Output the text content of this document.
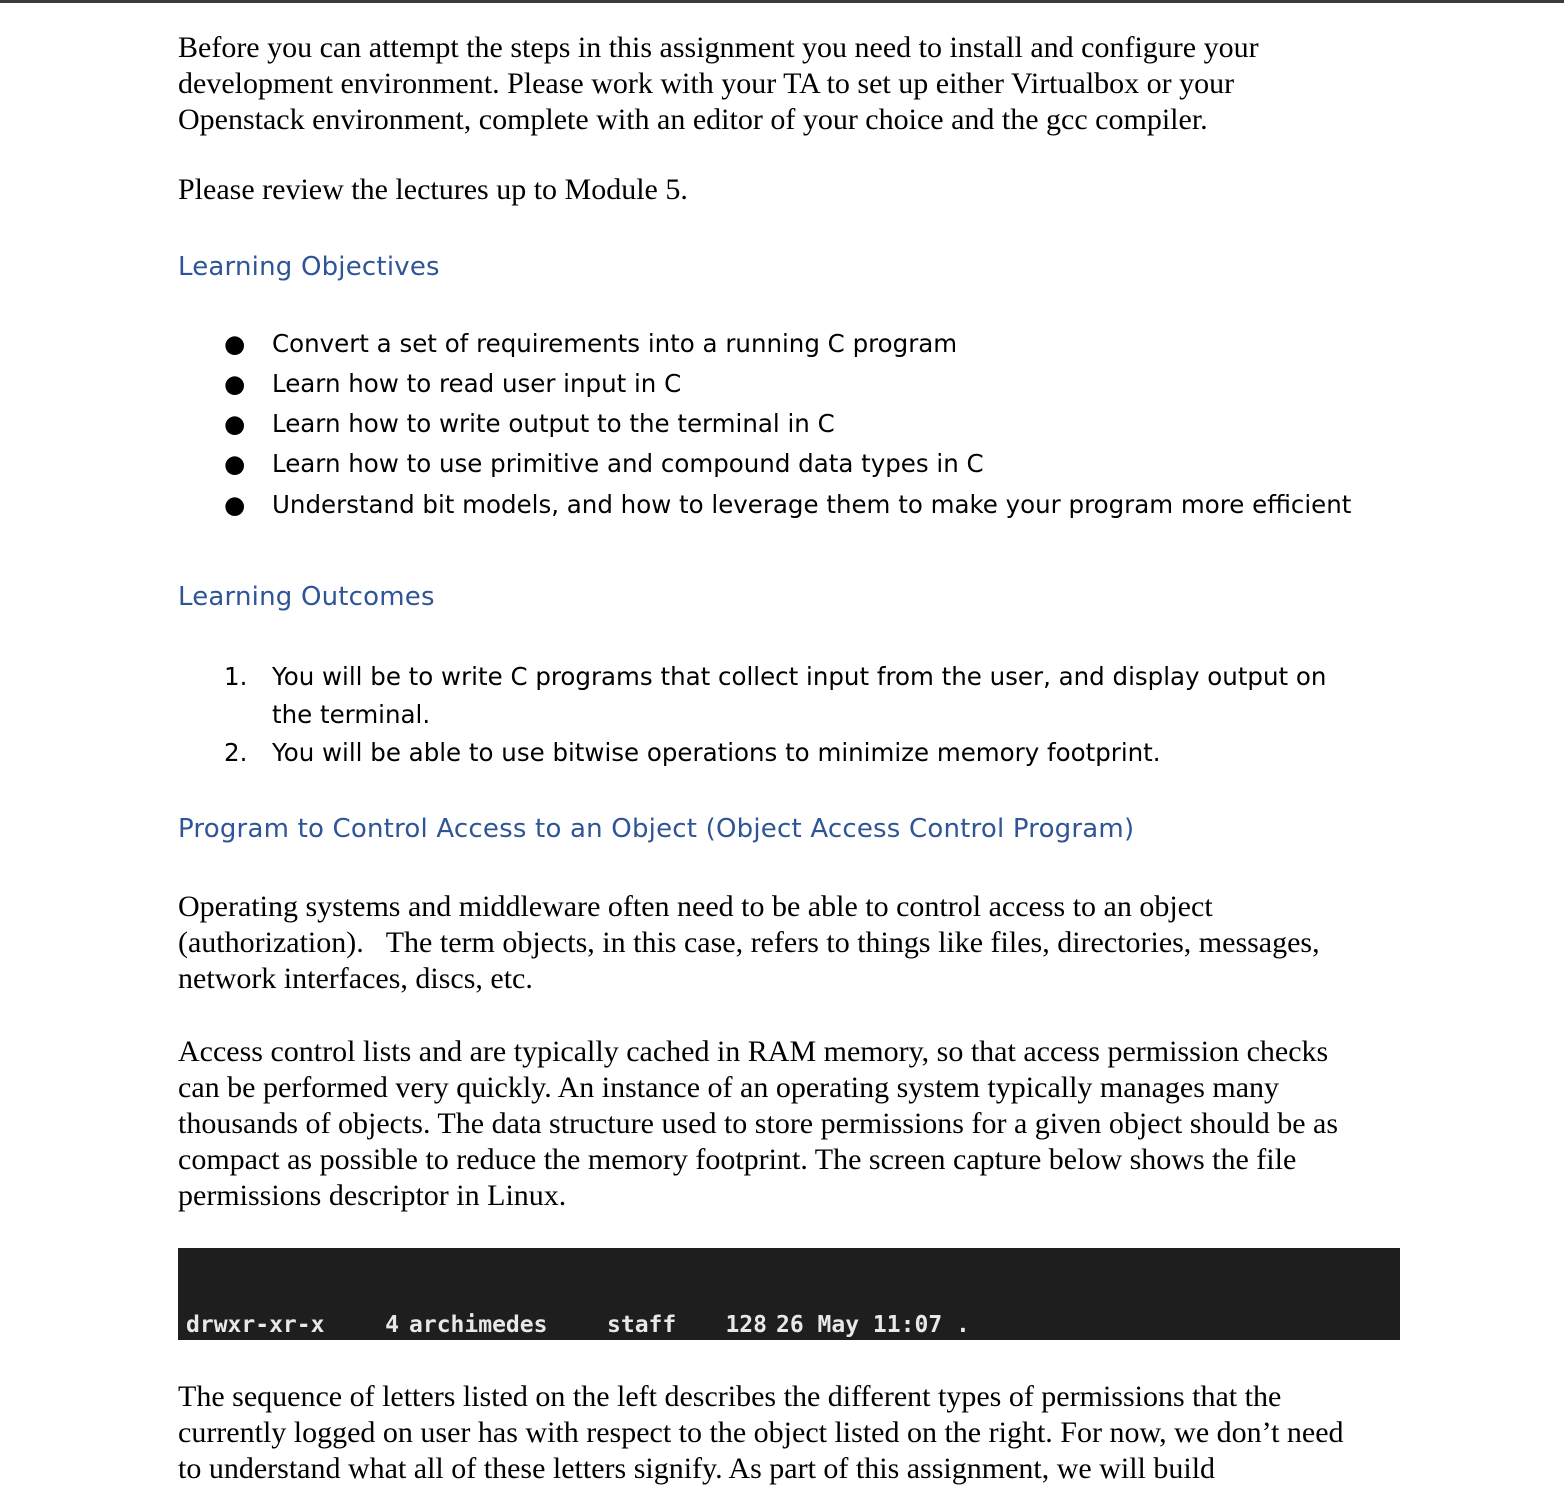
Before you can attempt the steps in this assignment you need to install and configure your
development environment. Please work with your TA to set up either Virtualbox or your
Openstack environment, complete with an editor of your choice and the gcc compiler.

Please review the lectures up to Module 5.

Learning Objectives
● Convert a set of requirements into a running C program
● Learn how to read user input in C
● Learn how to write output to the terminal in C
● Learn how to use primitive and compound data types in C
● Understand bit models, and how to leverage them to make your program more efficient
Learning Outcomes
1. You will be to write C programs that collect input from the user, and display output on
the terminal.
2. You will be able to use bitwise operations to minimize memory footprint.
Program to Control Access to an Object (Object Access Control Program)

Operating systems and middleware often need to be able to control access to an object
(authorization).   The term objects, in this case, refers to things like files, directories, messages,
network interfaces, discs, etc.

Access control lists and are typically cached in RAM memory, so that access permission checks
can be performed very quickly. An instance of an operating system typically manages many
thousands of objects. The data structure used to store permissions for a given object should be as
compact as possible to reduce the memory footprint. The screen capture below shows the file
permissions descriptor in Linux.

drwxr-xr-x	4 archimedes	staff 128 26 May 11:07 .

The sequence of letters listed on the left describes the different types of permissions that the
currently logged on user has with respect to the object listed on the right. For now, we don’t need
to understand what all of these letters signify. As part of this assignment, we will build
